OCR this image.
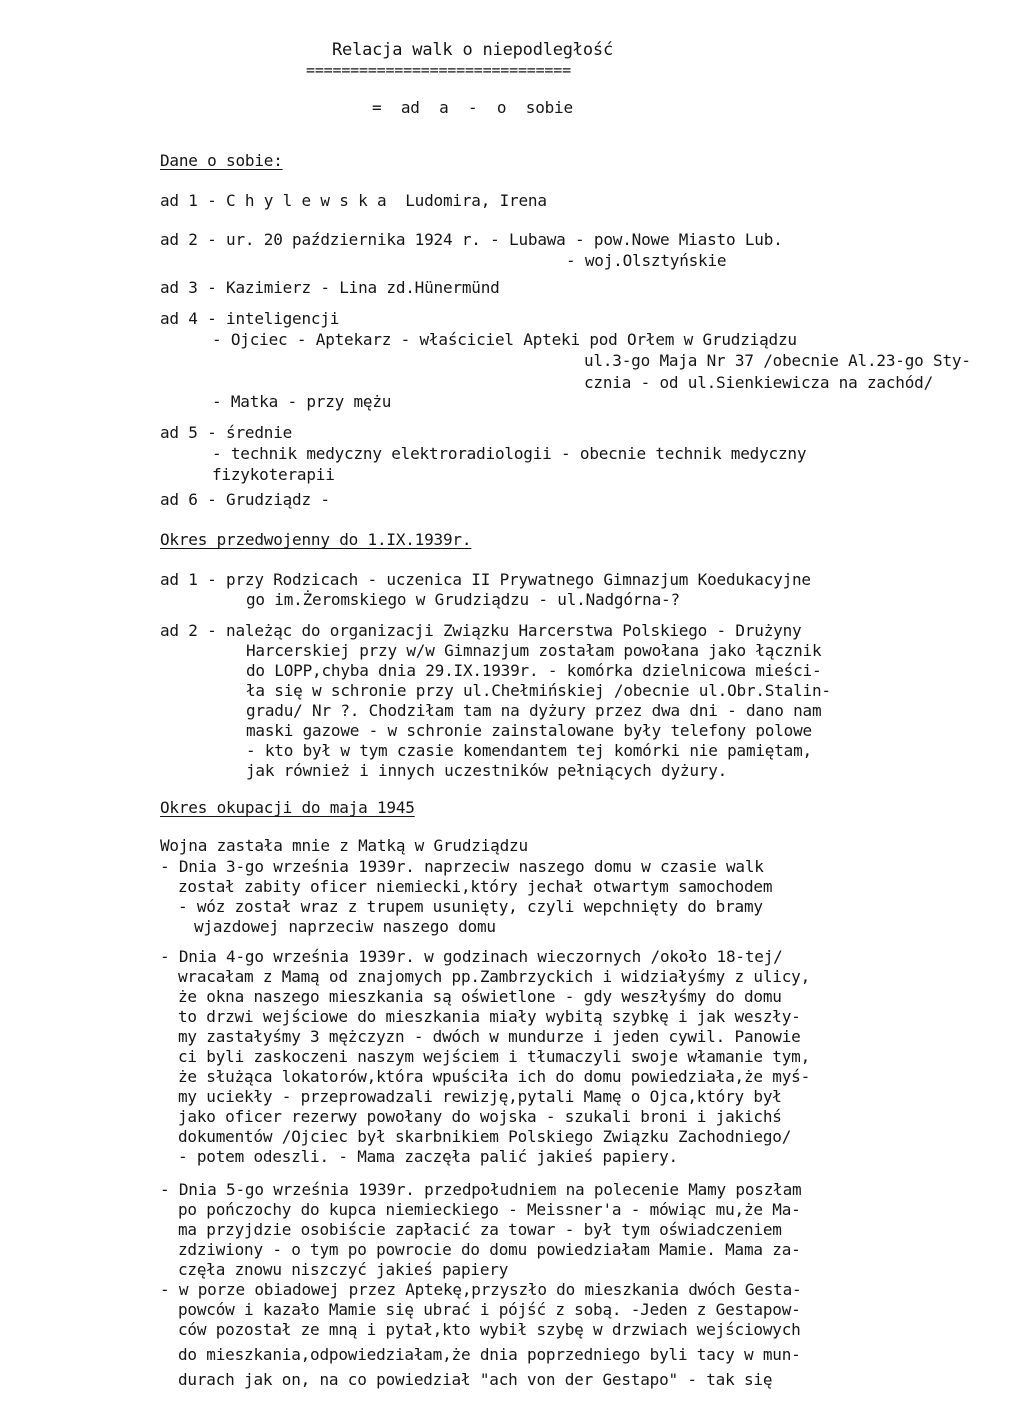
Relacja walk o niepodległość
==============================
= ad a - o sobie
Dane o sobie:
ad 1 - C h y l e w s k a  Ludomira, Irena
ad 2 - ur. 20 października 1924 r. - Lubawa - pow.Nowe Miasto Lub.
- woj.Olsztyńskie
ad 3 - Kazimierz - Lina zd.Hünermünd
ad 4 - inteligencji
- Ojciec - Aptekarz - właściciel Apteki pod Orłem w Grudziądzu
ul.3-go Maja Nr 37 /obecnie Al.23-go Sty-
cznia - od ul.Sienkiewicza na zachód/
- Matka - przy mężu
ad 5 - średnie
- technik medyczny elektroradiologii - obecnie technik medyczny
fizykoterapii
ad 6 - Grudziądz -
Okres przedwojenny do 1.IX.1939r.
ad 1 - przy Rodzicach - uczenica II Prywatnego Gimnazjum Koedukacyjne
go im.Żeromskiego w Grudziądzu - ul.Nadgórna-?
ad 2 - należąc do organizacji Związku Harcerstwa Polskiego - Drużyny
Harcerskiej przy w/w Gimnazjum zostałam powołana jako łącznik
do LOPP,chyba dnia 29.IX.1939r. - komórka dzielnicowa mieści-
ła się w schronie przy ul.Chełmińskiej /obecnie ul.Obr.Stalin-
gradu/ Nr ?. Chodziłam tam na dyżury przez dwa dni - dano nam
maski gazowe - w schronie zainstalowane były telefony polowe
- kto był w tym czasie komendantem tej komórki nie pamiętam,
jak również i innych uczestników pełniących dyżury.
Okres okupacji do maja 1945
Wojna zastała mnie z Matką w Grudziądzu
- Dnia 3-go września 1939r. naprzeciw naszego domu w czasie walk
został zabity oficer niemiecki,który jechał otwartym samochodem
- wóz został wraz z trupem usunięty, czyli wepchnięty do bramy
wjazdowej naprzeciw naszego domu
- Dnia 4-go września 1939r. w godzinach wieczornych /około 18-tej/
wracałam z Mamą od znajomych pp.Zambrzyckich i widziałyśmy z ulicy,
że okna naszego mieszkania są oświetlone - gdy weszłyśmy do domu
to drzwi wejściowe do mieszkania miały wybitą szybkę i jak weszły-
my zastałyśmy 3 mężczyzn - dwóch w mundurze i jeden cywil. Panowie
ci byli zaskoczeni naszym wejściem i tłumaczyli swoje włamanie tym,
że służąca lokatorów,która wpuściła ich do domu powiedziała,że myś-
my uciekły - przeprowadzali rewizję,pytali Mamę o Ojca,który był
jako oficer rezerwy powołany do wojska - szukali broni i jakichś
dokumentów /Ojciec był skarbnikiem Polskiego Związku Zachodniego/
- potem odeszli. - Mama zaczęła palić jakieś papiery.
- Dnia 5-go września 1939r. przedpołudniem na polecenie Mamy poszłam
po pończochy do kupca niemieckiego - Meissner'a - mówiąc mu,że Ma-
ma przyjdzie osobiście zapłacić za towar - był tym oświadczeniem
zdziwiony - o tym po powrocie do domu powiedziałam Mamie. Mama za-
częła znowu niszczyć jakieś papiery
- w porze obiadowej przez Aptekę,przyszło do mieszkania dwóch Gesta-
powców i kazało Mamie się ubrać i pójść z sobą. -Jeden z Gestapow-
ców pozostał ze mną i pytał,kto wybił szybę w drzwiach wejściowych
do mieszkania,odpowiedziałam,że dnia poprzedniego byli tacy w mun-
durach jak on, na co powiedział "ach von der Gestapo" - tak się
